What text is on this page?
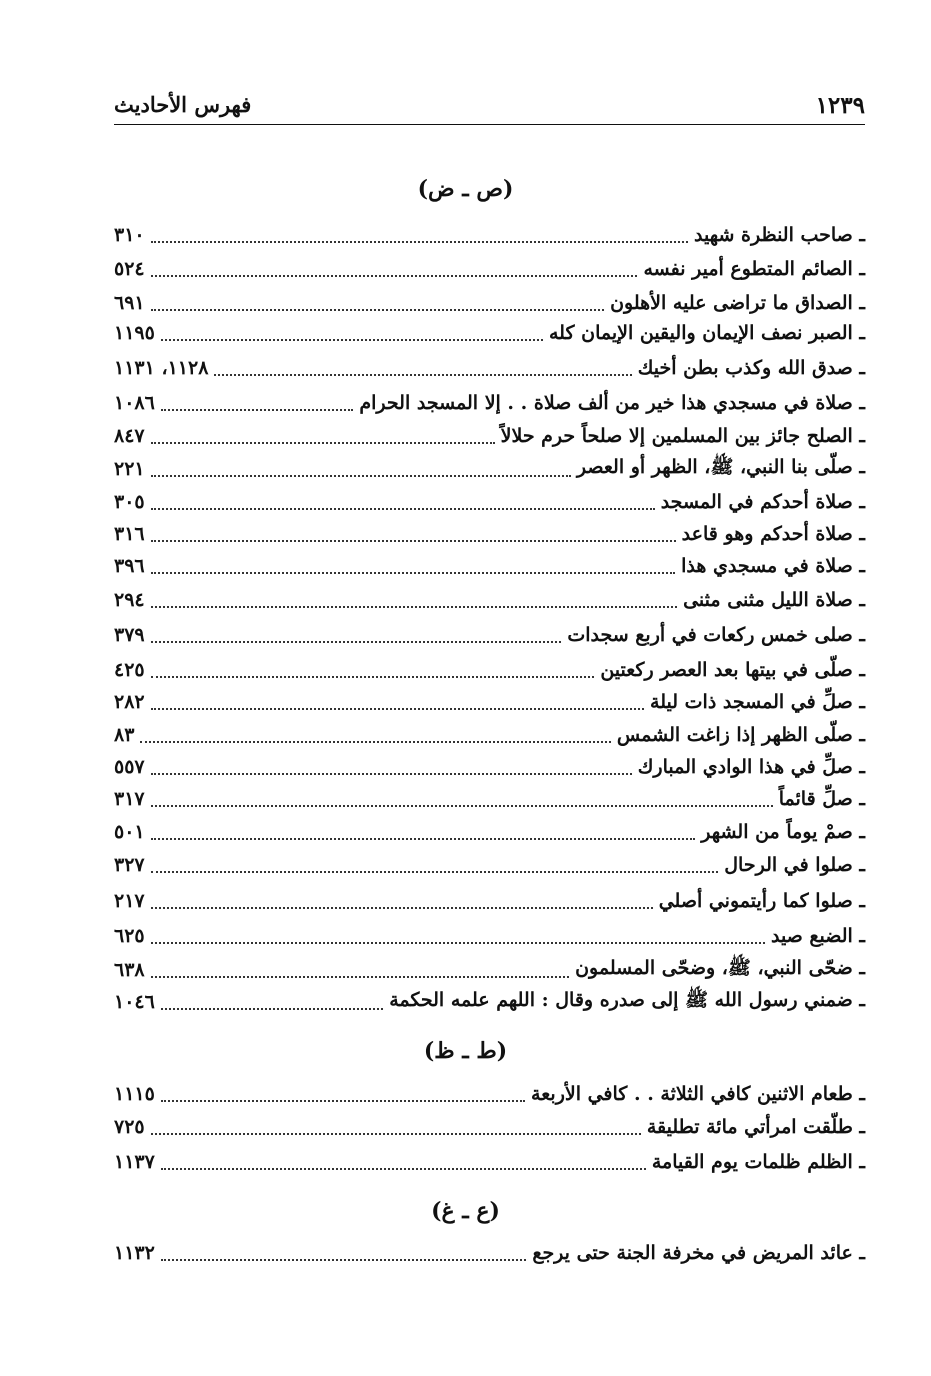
١٢٣٩
فهرس الأحاديث
(ص ـ ض)
ـ صاحب النظرة شهيد
٣١٠
ـ الصائم المتطوع أمير نفسه
٥٢٤
ـ الصداق ما تراضى عليه الأهلون
٦٩١
ـ الصبر نصف الإيمان واليقين الإيمان كله
١١٩٥
ـ صدق الله وكذب بطن أخيك
١١٢٨، ١١٣١
ـ صلاة في مسجدي هذا خير من ألف صلاة . . إلا المسجد الحرام
١٠٨٦
ـ الصلح جائز بين المسلمين إلا صلحاً حرم حلالاً
٨٤٧
ـ صلّى بنا النبي، ﷺ، الظهر أو العصر
٢٢١
ـ صلاة أحدكم في المسجد
٣٠٥
ـ صلاة أحدكم وهو قاعد
٣١٦
ـ صلاة في مسجدي هذا
٣٩٦
ـ صلاة الليل مثنى مثنى
٢٩٤
ـ صلى خمس ركعات في أربع سجدات
٣٧٩
ـ صلّى في بيتها بعد العصر ركعتين
٤٢٥
ـ صلِّ في المسجد ذات ليلة
٢٨٢
ـ صلّى الظهر إذا زاغت الشمس
٨٣
ـ صلِّ في هذا الوادي المبارك
٥٥٧
ـ صلِّ قائماً
٣١٧
ـ صمْ يوماً من الشهر
٥٠١
ـ صلوا في الرحال
٣٢٧
ـ صلوا كما رأيتموني أصلي
٢١٧
ـ الضبع صيد
٦٢٥
ـ ضحّى النبي، ﷺ، وضحّى المسلمون
٦٣٨
ـ ضمني رسول الله ﷺ إلى صدره وقال : اللهم علمه الحكمة
١٠٤٦
(ط ـ ظ)
ـ طعام الاثنين كافي الثلاثة . . كافي الأربعة
١١١٥
ـ طلّقت امرأتي مائة تطليقة
٧٢٥
ـ الظلم ظلمات يوم القيامة
١١٣٧
(ع ـ غ)
ـ عائد المريض في مخرفة الجنة حتى يرجع
١١٣٢
